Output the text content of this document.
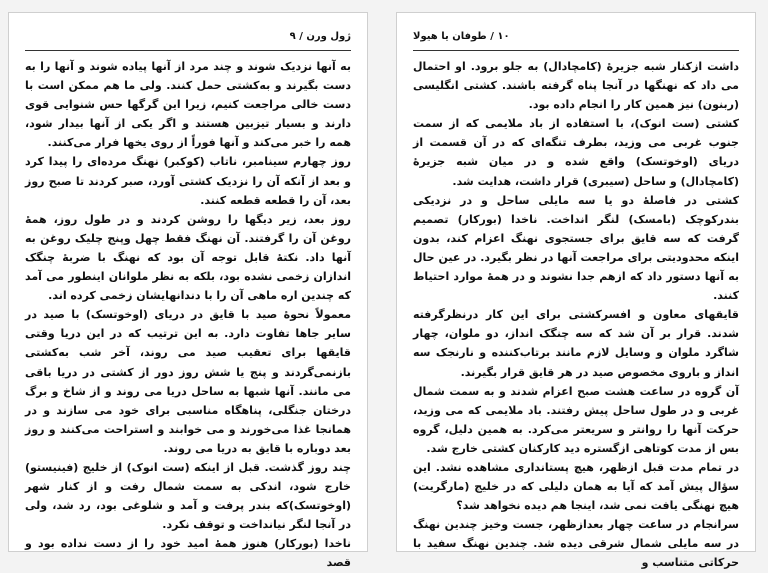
ژول ورن / ۹

به آنها نزدیک شوند و چند مرد از آنها پیاده شوند و آنها را به دست بگیرند و به‌کشتی حمل کنند. ولی ما هم ممکن است با دست خالی مراجعت کنیم، زیرا این گرگها حس شنوایی قوی دارند و بسیار تیزبین هستند و اگر یکی از آنها بیدار شود، همه را خبر می‌کند و آنها فوراً از روی یخها فرار می‌کنند.

روز چهارم سینامبر، ناتاب (کوکبر) نهنگ مرده‌ای را پیدا کرد و بعد از آنکه آن را نزدیک کشتی آورد، صبر کردند تا صبح روز بعد، آن را قطعه قطعه کنند.

روز بعد، زیر دیگها را روشن کردند و در طول روز، همهٔ روغن آن را گرفتند. آن نهنگ فقط چهل وپنج چلیک روغن به آنها داد. نکتهٔ قابل توجه آن بود که نهنگ با ضربهٔ چنگک اندازان زخمی نشده بود، بلکه به نظر ملوانان اینطور می آمد که چندین اره ماهی آن را با دندانهایشان زخمی کرده اند.

معمولاً نحوهٔ صید با قایق در دریای (اوخوتسک) با صید در سایر جاها تفاوت دارد. به این ترتیب که در این دریا وقتی قایقها برای تعقیب صید می روند، آخر شب به‌کشتی بازنمی‌گردند و پنج یا شش روز دور از کشتی در دریا باقی می مانند. آنها شبها به ساحل دریا می روند و از شاخ و برگ درختان جنگلی، پناهگاه مناسبی برای خود می سازند و در همانجا غذا می‌خورند و می خوابند و استراحت می‌کنند و روز بعد دوباره با قایق به دریا می روند.

چند روز گذشت. قبل از اینکه (ست انوک) از خلیج (فینیستو) خارج شود، اندکی به سمت شمال رفت و از کنار شهر (اوخوتسک)که بندر پرفت و آمد و شلوغی بود، رد شد، ولی در آنجا لنگر نیانداخت و توقف نکرد.

ناخدا (بورکار) هنوز همهٔ امید خود را از دست نداده بود و قصد

۱۰ / طوفان یا هیولا

داشت ازکنار شبه جزیرهٔ (کامچادال) به جلو برود. او احتمال می داد که نهنگها در آنجا پناه گرفته باشند. کشتی انگلیسی (ربنون) نیز همین کار را انجام داده بود.

کشتی (ست انوک)، با استفاده از باد ملایمی که از سمت جنوب غربی می وزید، بطرف تنگه‌ای که در آن قسمت از دریای (اوخوتسک) واقع شده و در میان شبه جزیرهٔ (کامچادال) و ساحل (سیبری) قرار داشت، هدایت شد.

کشتی در فاصلهٔ دو یا سه مایلی ساحل و در نزدیکی بندرکوچک (بامسک) لنگر انداخت. ناخدا (بورکار) تصمیم گرفت که سه قایق برای جستجوی نهنگ اعزام کند، بدون اینکه محدودیتی برای مراجعت آنها در نظر بگیرد. در عین حال به آنها دستور داد که ازهم جدا نشوند و در همهٔ موارد احتیاط کنند.

قایقهای معاون و افسرکشتی برای این کار درنظرگرفته شدند. قرار بر آن شد که سه چنگک انداز، دو ملوان، چهار شاگرد ملوان و وسایل لازم مانند برتاب‌کننده و نارنجک سه انداز و باروی مخصوص صید در هر قایق قرار بگیرند.

آن گروه در ساعت هشت صبح اعزام شدند و به سمت شمال غربی و در طول ساحل پیش رفتند. باد ملایمی که می وزید، حرکت آنها را روانتر و سریعتر می‌کرد. به همین دلیل، گروه بس از مدت کوتاهی ازگستره دید کارکنان کشتی خارج شد.

در تمام مدت قبل ازظهر، هیچ پستانداری مشاهده نشد. این سؤال پیش آمد که آیا به همان دلیلی که در خلیج (مارگریت) هیچ نهنگی یافت نمی شد، اینجا هم دیده نخواهد شد؟

سرانجام در ساعت چهار بعدازظهر، جست وخیز چندین نهنگ در سه مایلی شمال شرقی دیده شد. چندین نهنگ سفید با حرکاتی متناسب و
